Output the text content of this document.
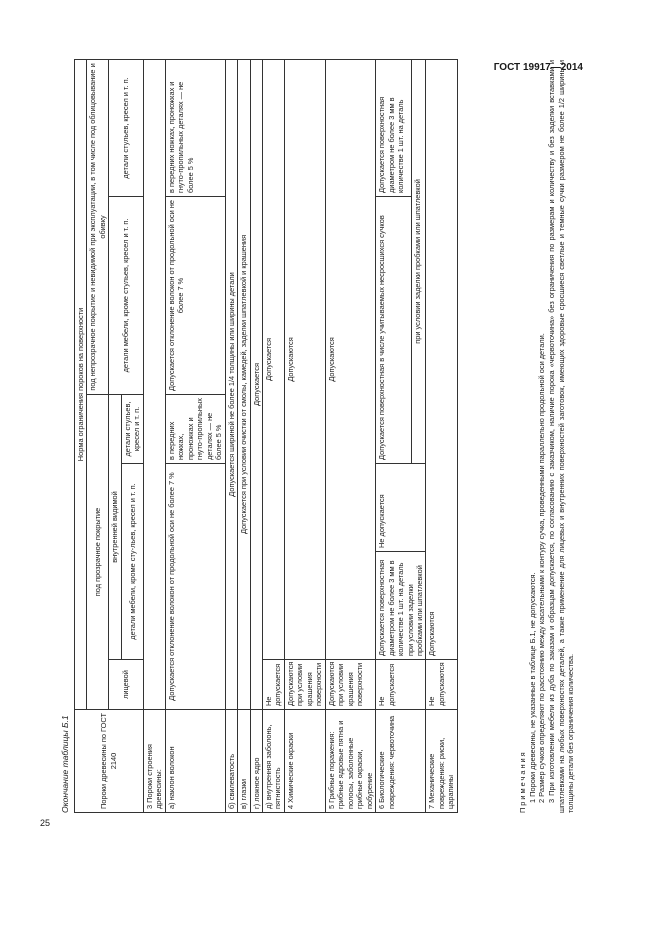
ГОСТ 19917—2014
25
Окончание таблицы Б.1	Пороки древесины по ГОСТ 2140	Норма ограничения пороков на поверхности					
	под прозрачное покрытие				под непрозрачное покрытие и невидимой при эксплуатации, в том числе под облицовывание и обивку	
	лицевой	внутренней видимой			детали мебели, кроме стульев, кресел и т. п.	детали стульев, кресел и т. п.
		детали мебели, кроме сту-льев, кресел и т. п.		детали стульев, кресел и т. п.		
3 Пороки строения древесины:						
а) наклон волокон	Допускается отклонение волокон от продольной оси не более 7 %			в передних ножках, проножках и гнуто-пропильных деталях — не более 5 %	Допускается отклонение волокон от продольной оси не более 7 %	в передних ножках, проножках и гнуто-пропильных деталях — не более 5 %
б) свилеватость	Допускается шириной не более 1/4 толщины или ширины детали					
в) глазки	Допускается при условии очистки от смолы, камедей, заделки шпатлевкой и крашения					
г) ложное ядро	Допускается					
д) внутренняя заболонь, пятнистость	Не допускается	Допускается				
4 Химические окраски	Допускаются при условии крашения поверхности	Допускаются				
5 Грибные поражения: грибные ядровые пятна и полосы, заболонные грибные окраски, побурение	Допускаются при условии крашения поверхности	Допускаются				
6 Биологические повреждения: червоточина	Не допускается	Допускается поверхностная диаметром не более 3 мм в количестве 1 шт. на деталь при условии заделки пробками или шпатлевкой	Не допускается	Допускается поверхностная в числе учитываемых несросшихся сучков		Допускается поверхностная диаметром не более 3 мм в количестве 1 шт. на деталь
				при условии заделки пробками или шпатлевкой		
7 Механические повреждения: риски, царапины	Не допускаются	Допускаются				

Примечания 1 Пороки древесины, не указанные в таблице Б.1, не допускаются. 2 Размер сучков определяют по расстоянию между касательными к контуру сучка, проведенными параллельно продольной оси детали. 3 При изготовлении мебели из дуба по заказам и образцам допускается, по согласованию с заказчиком, наличие порока «червоточина» без ограничения по размерам и количеству и без заделки вставками и шпатлевками на любых поверхностях деталей, а также применение для лицевых и внутренних поверхностей заготовок, имеющих здоровые сросшиеся светлые и темные сучки размером не более 1/2 ширины и толщины детали без ограничения количества.
